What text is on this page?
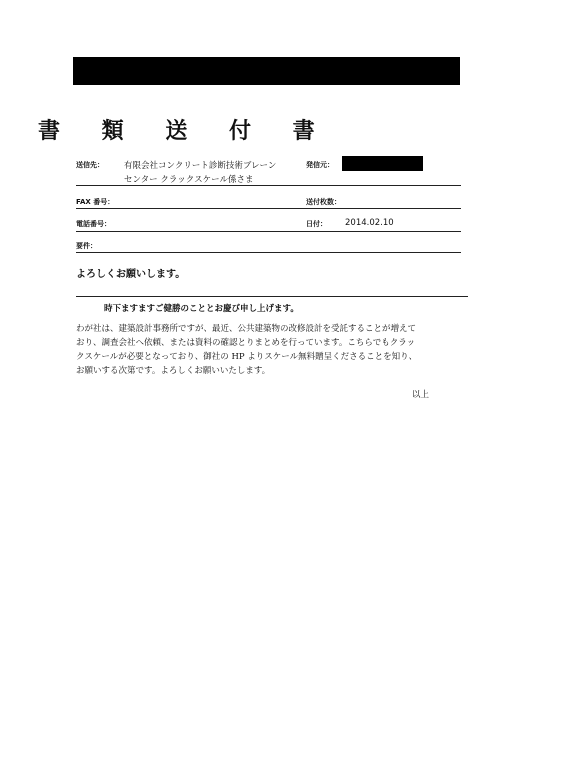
書 類 送 付 書
送信先： 有限会社コンクリート診断技術ブレーン
センター クラックスケール係さま
発信元：
FAX 番号：	送付枚数：
電話番号：	日付： 2014.02.10
要件：
よろしくお願いします。
時下ますますご健勝のこととお慶び申し上げます。

わが社は、建築設計事務所ですが、最近、公共建築物の改修設計を受託することが増えて

おり、調査会社へ依頼、または資料の確認とりまとめを行っています。こちらでもクラッ

クスケールが必要となっており、御社の HP よりスケール無料贈呈くださることを知り、

お願いする次第です。よろしくお願いいたします。

以上
